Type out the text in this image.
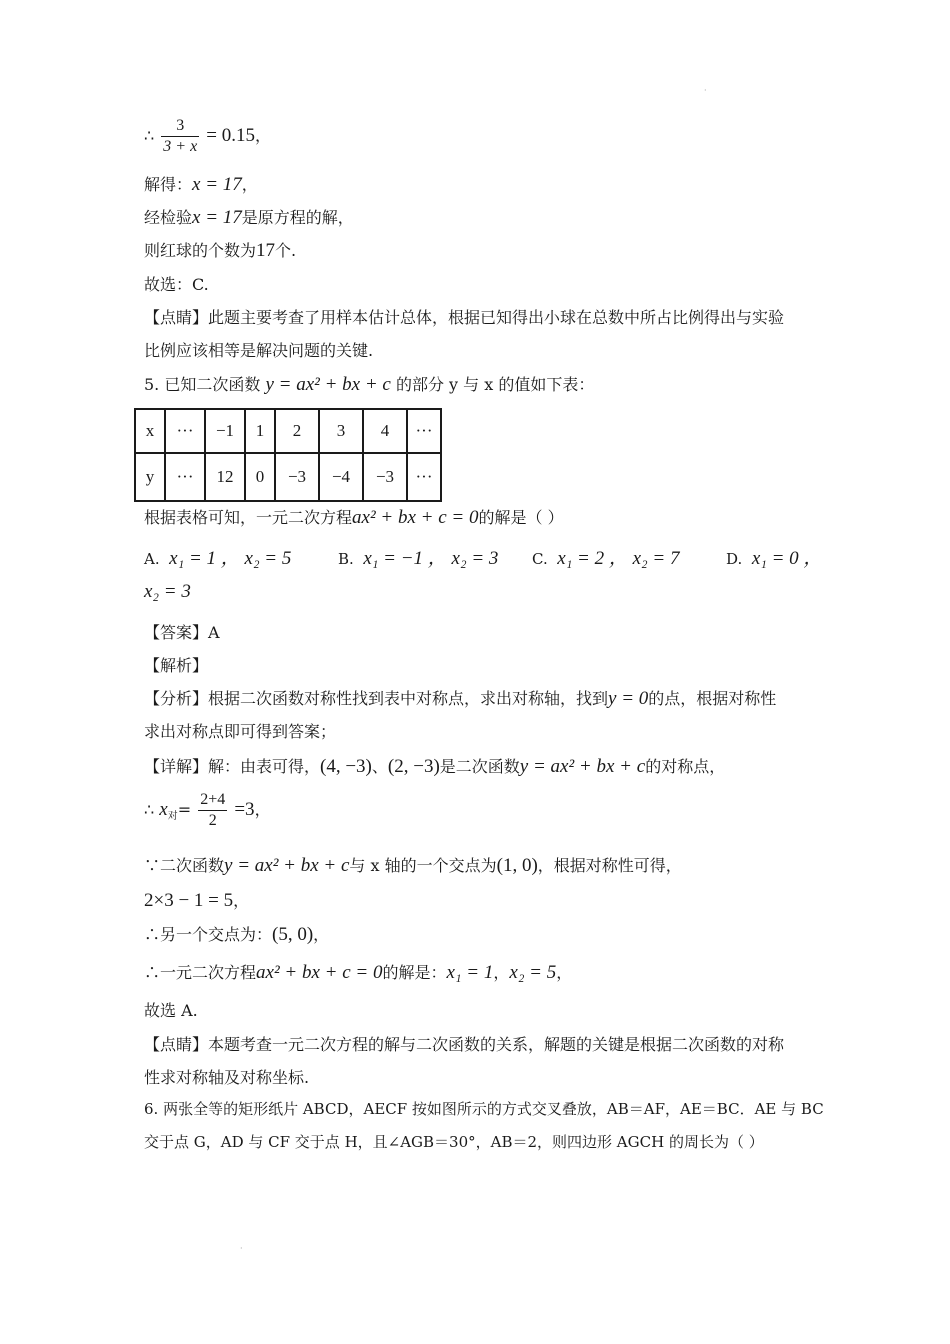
·
∴ $\frac{3}{3 + x} = 0.15$，
解得：x = 17，
经检验x = 17是原方程的解，
则红球的个数为17个.
故选：C.
【点睛】此题主要考查了用样本估计总体，根据已知得出小球在总数中所占比例得出与实验
比例应该相等是解决问题的关键.
5. 已知二次函数 y = ax² + bx + c 的部分 y 与 x 的值如下表：
x	···	−1	1	2	3	4	···
y	···	12	0	−3	−4	−3	···
根据表格可知，一元二次方程ax² + bx + c = 0的解是（ ）
A. x₁ = 1 ， x₂ = 5	B. x₁ = −1 ， x₂ = 3 C. x₁ = 2 ， x₂ = 7	D. x₁ = 0 ，
x₂ = 3
【答案】A
【解析】
【分析】根据二次函数对称性找到表中对称点，求出对称轴，找到y = 0的点，根据对称性
求出对称点即可得到答案；
【详解】解：由表可得，(4, −3)、(2, −3)是二次函数y = ax² + bx + c的对称点，
∴ $x_对= \frac{2+4}{2} =3$，
∵二次函数y = ax² + bx + c与 x 轴的一个交点为(1, 0)，根据对称性可得，
2×3 − 1 = 5，
∴另一个交点为：(5, 0)，
∴一元二次方程ax² + bx + c = 0的解是：x₁ = 1，x₂ = 5，
故选 A.
【点睛】本题考查一元二次方程的解与二次函数的关系，解题的关键是根据二次函数的对称
性求对称轴及对称坐标.
6. 两张全等的矩形纸片 ABCD，AECF 按如图所示的方式交叉叠放，AB＝AF，AE＝BC．AE 与 BC
交于点 G，AD 与 CF 交于点 H，且∠AGB＝30°，AB＝2，则四边形 AGCH 的周长为（ ）
·
